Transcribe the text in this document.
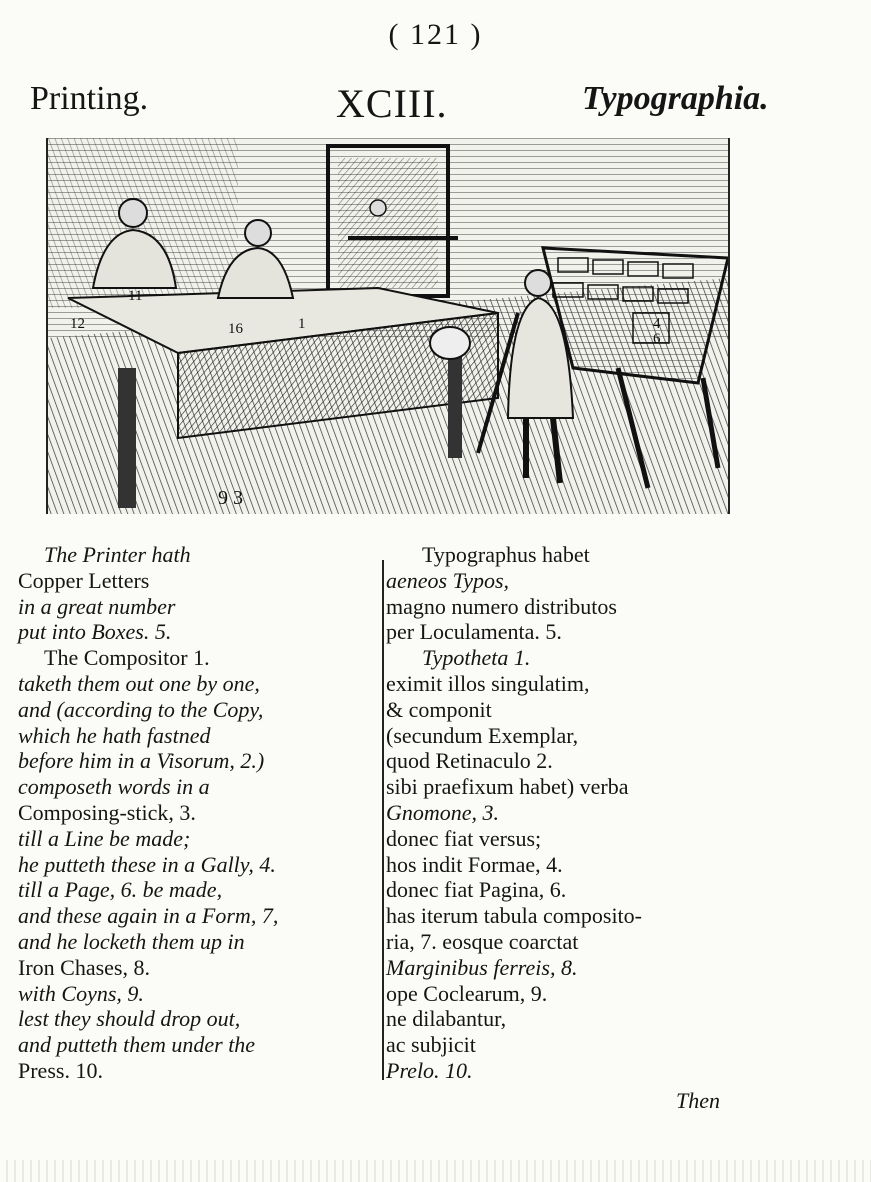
( 121 )
Printing.	XCIII.	Typographia.
11
12	16	1	4
6
9 3
The Printer hath
Copper Letters
in a great number
put into Boxes. 5.
The Compositor 1.
taketh them out one by one,
and (according to the Copy,
which he hath fastned
before him in a Visorum, 2.)
composeth words in a
Composing-stick, 3.
till a Line be made;
he putteth these in a Gally, 4.
till a Page, 6. be made,
and these again in a Form, 7,
and he locketh them up in
Iron Chases, 8.
with Coyns, 9.
lest they should drop out,
and putteth them under the
Press. 10.
Typographus habet
aeneos Typos,
magno numero distributos
per Loculamenta. 5.
Typotheta 1.
eximit illos singulatim,
& componit
(secundum Exemplar,
quod Retinaculo 2.
sibi praefixum habet) verba
Gnomone, 3.
donec fiat versus;
hos indit Formae, 4.
donec fiat Pagina, 6.
has iterum tabula composito-
ria, 7. eosque coarctat
Marginibus ferreis, 8.
ope Coclearum, 9.
ne dilabantur,
ac subjicit
Prelo. 10.
Then
